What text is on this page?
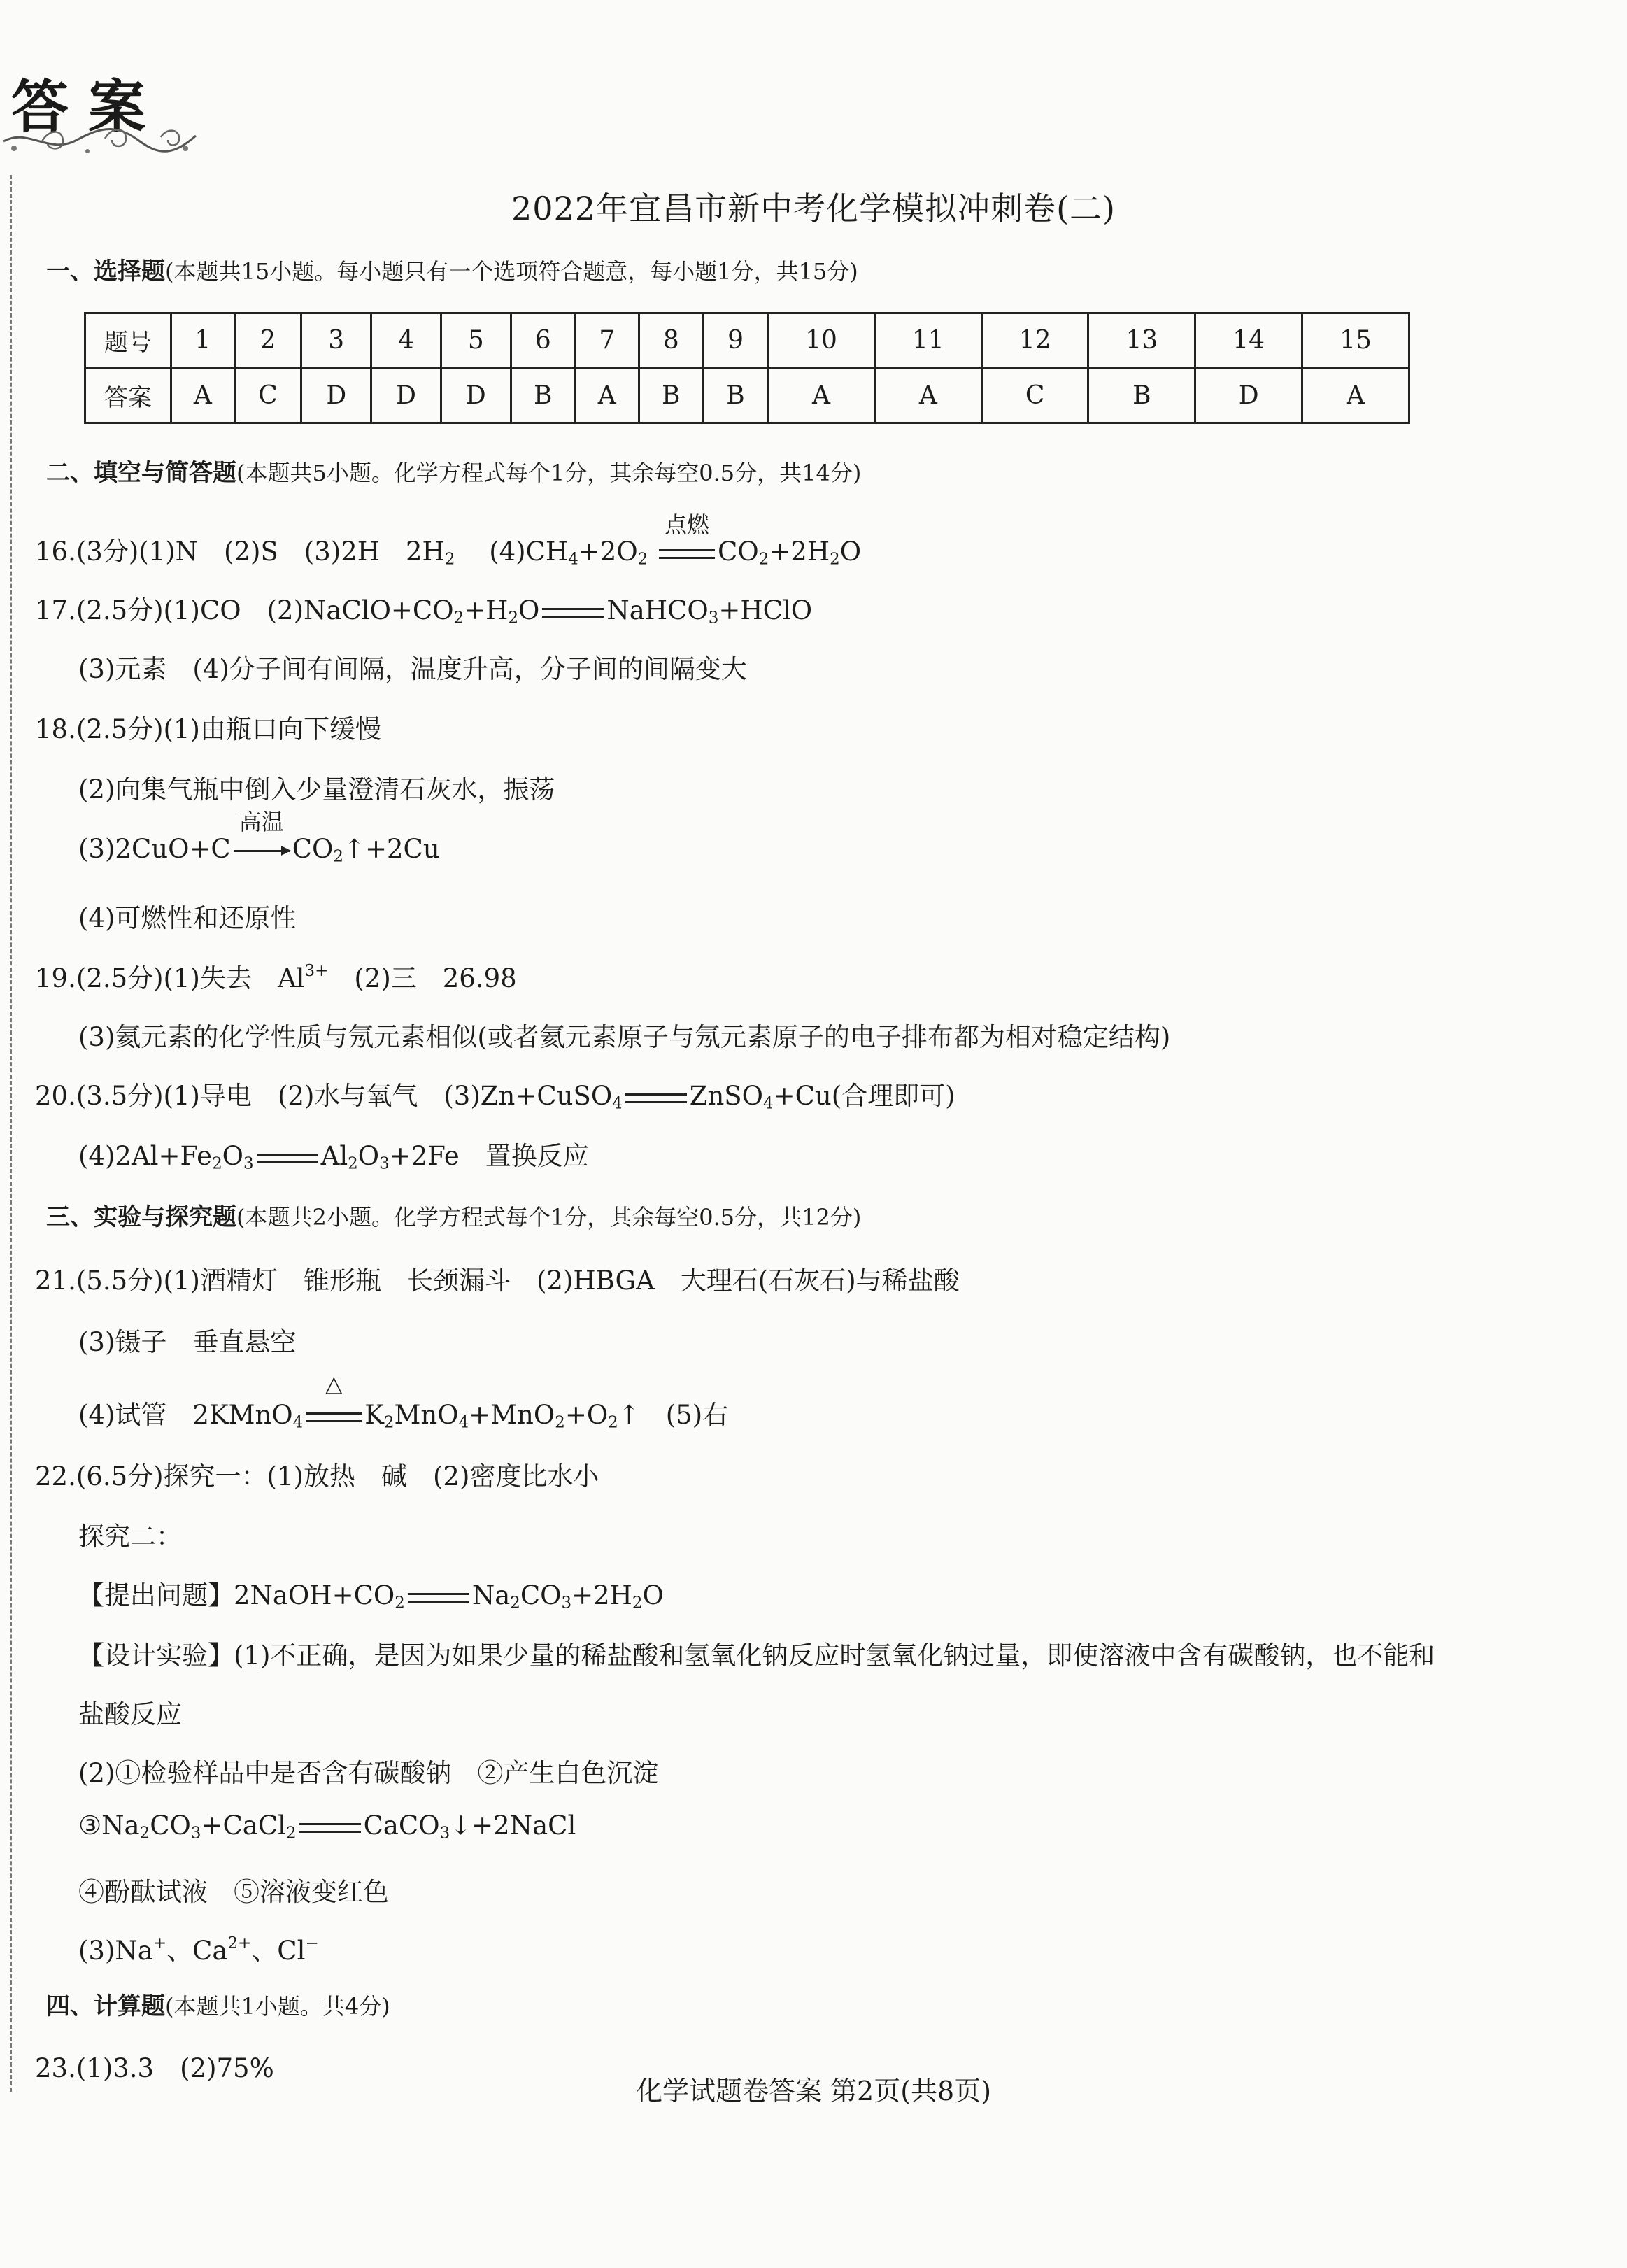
答案
2022年宜昌市新中考化学模拟冲刺卷(二)
一、选择题(本题共15小题。每小题只有一个选项符合题意，每小题1分，共15分)
题号	1	2	3	4	5	6	7	8	9	10	11	12	13	14	15
答案	A	C	D	D	D	B	A	B	B	A	A	C	B	D	A
二、填空与简答题(本题共5小题。化学方程式每个1分，其余每空0.5分，共14分)
16.(3分)(1)N　(2)S　(3)2H　$2H_2$　 $(4)CH_4+2O_2$
点燃
$CO_2+2H_2O$
17.(2.5分)(1)CO　$(2)NaClO+CO_2+H_2O$	NaHCO$_3$+HClO
(3)元素　(4)分子间有间隔，温度升高，分子间的间隔变大
18.(2.5分)(1)由瓶口向下缓慢
(2)向集气瓶中倒入少量澄清石灰水，振荡
(3)2CuO+C
高温
$CO_2↑+2Cu$
(4)可燃性和还原性
19.(2.5分)(1)失去　$Al^{3+}$　(2)三　26.98
(3)氦元素的化学性质与氖元素相似(或者氦元素原子与氖元素原子的电子排布都为相对稳定结构)
20.(3.5分)(1)导电　(2)水与氧气　(3)Zn+CuSO$_4$	ZnSO$_4$+Cu(合理即可)
$(4)2Al+Fe_2O_3$	$Al_2O_3+2Fe$　置换反应
三、实验与探究题(本题共2小题。化学方程式每个1分，其余每空0.5分，共12分)
21.(5.5分)(1)酒精灯　锥形瓶　长颈漏斗　(2)HBGA　大理石(石灰石)与稀盐酸
(3)镊子　垂直悬空
(4)试管　2KMnO$_4$
△
$K_2MnO_4+MnO_2+O_2↑$　(5)右
22.(6.5分)探究一：(1)放热　碱　(2)密度比水小
探究二：
【提出问题】$2NaOH+CO_2$	$Na_2CO_3+2H_2O$
【设计实验】(1)不正确，是因为如果少量的稀盐酸和氢氧化钠反应时氢氧化钠过量，即使溶液中含有碳酸钠，也不能和
盐酸反应
(2)①检验样品中是否含有碳酸钠　②产生白色沉淀
$③Na_2CO_3+CaCl_2$	CaCO$_3$↓+2NaCl
④酚酞试液　⑤溶液变红色
(3)Na+、$Ca^{2+}$、Cl−
四、计算题(本题共1小题。共4分)
23.(1)3.3　(2)75%
化学试题卷答案 第2页(共8页)
